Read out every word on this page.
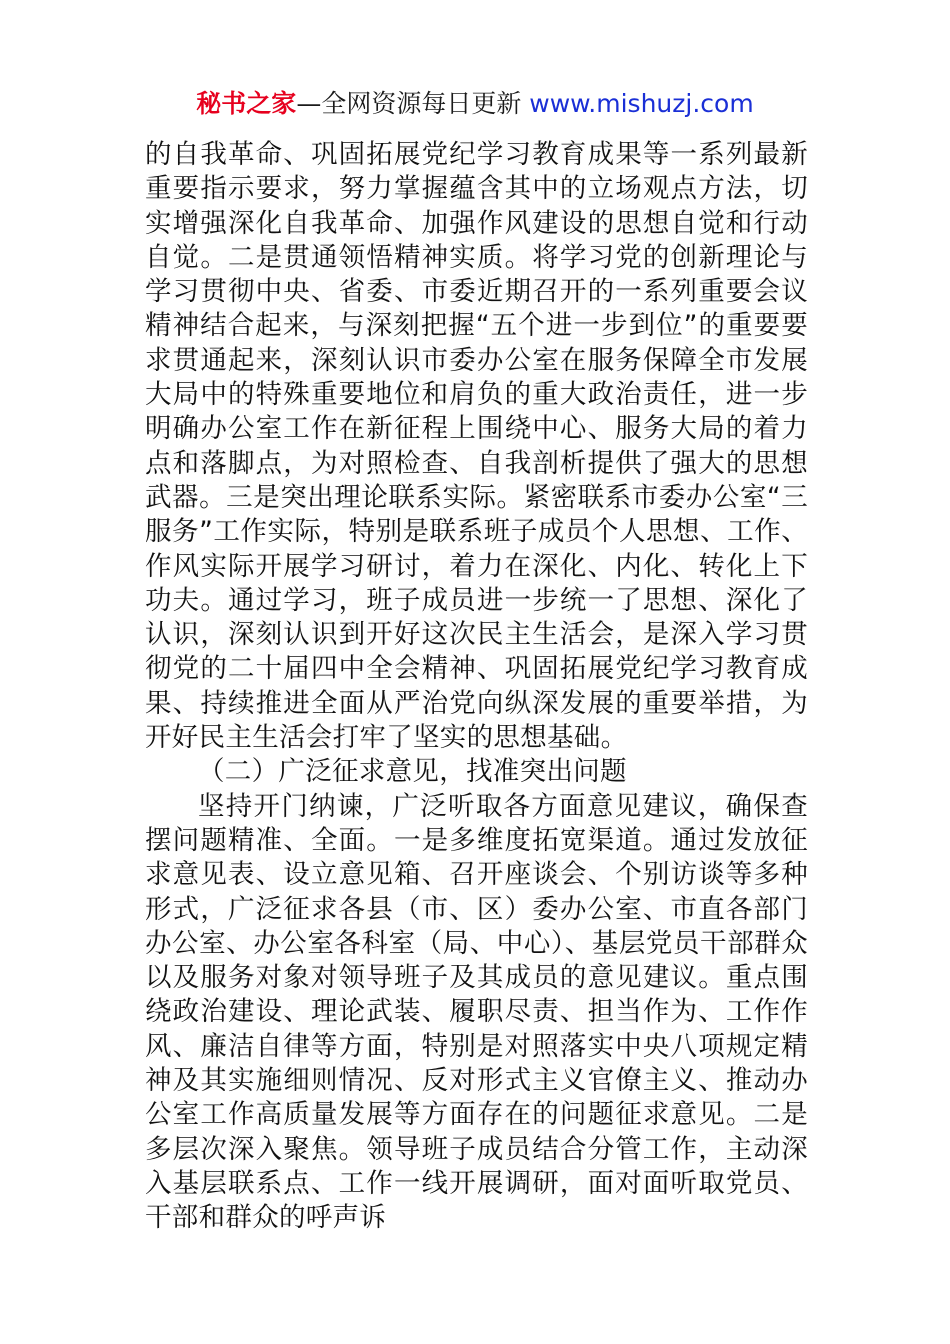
秘书之家—全网资源每日更新 www.mishuzj.com

的自我革命、巩固拓展党纪学习教育成果等一系列最新重要指示要求，努力掌握蕴含其中的立场观点方法，切实增强深化自我革命、加强作风建设的思想自觉和行动自觉。二是贯通领悟精神实质。将学习党的创新理论与学习贯彻中央、省委、市委近期召开的一系列重要会议精神结合起来，与深刻把握“五个进一步到位”的重要要求贯通起来，深刻认识市委办公室在服务保障全市发展大局中的特殊重要地位和肩负的重大政治责任，进一步明确办公室工作在新征程上围绕中心、服务大局的着力点和落脚点，为对照检查、自我剖析提供了强大的思想武器。三是突出理论联系实际。紧密联系市委办公室“三服务”工作实际，特别是联系班子成员个人思想、工作、作风实际开展学习研讨，着力在深化、内化、转化上下功夫。通过学习，班子成员进一步统一了思想、深化了认识，深刻认识到开好这次民主生活会，是深入学习贯彻党的二十届四中全会精神、巩固拓展党纪学习教育成果、持续推进全面从严治党向纵深发展的重要举措，为开好民主生活会打牢了坚实的思想基础。

（二）广泛征求意见，找准突出问题

坚持开门纳谏，广泛听取各方面意见建议，确保查摆问题精准、全面。一是多维度拓宽渠道。通过发放征求意见表、设立意见箱、召开座谈会、个别访谈等多种形式，广泛征求各县（市、区）委办公室、市直各部门办公室、办公室各科室（局、中心）、基层党员干部群众以及服务对象对领导班子及其成员的意见建议。重点围绕政治建设、理论武装、履职尽责、担当作为、工作作风、廉洁自律等方面，特别是对照落实中央八项规定精神及其实施细则情况、反对形式主义官僚主义、推动办公室工作高质量发展等方面存在的问题征求意见。二是多层次深入聚焦。领导班子成员结合分管工作，主动深入基层联系点、工作一线开展调研，面对面听取党员、干部和群众的呼声诉
